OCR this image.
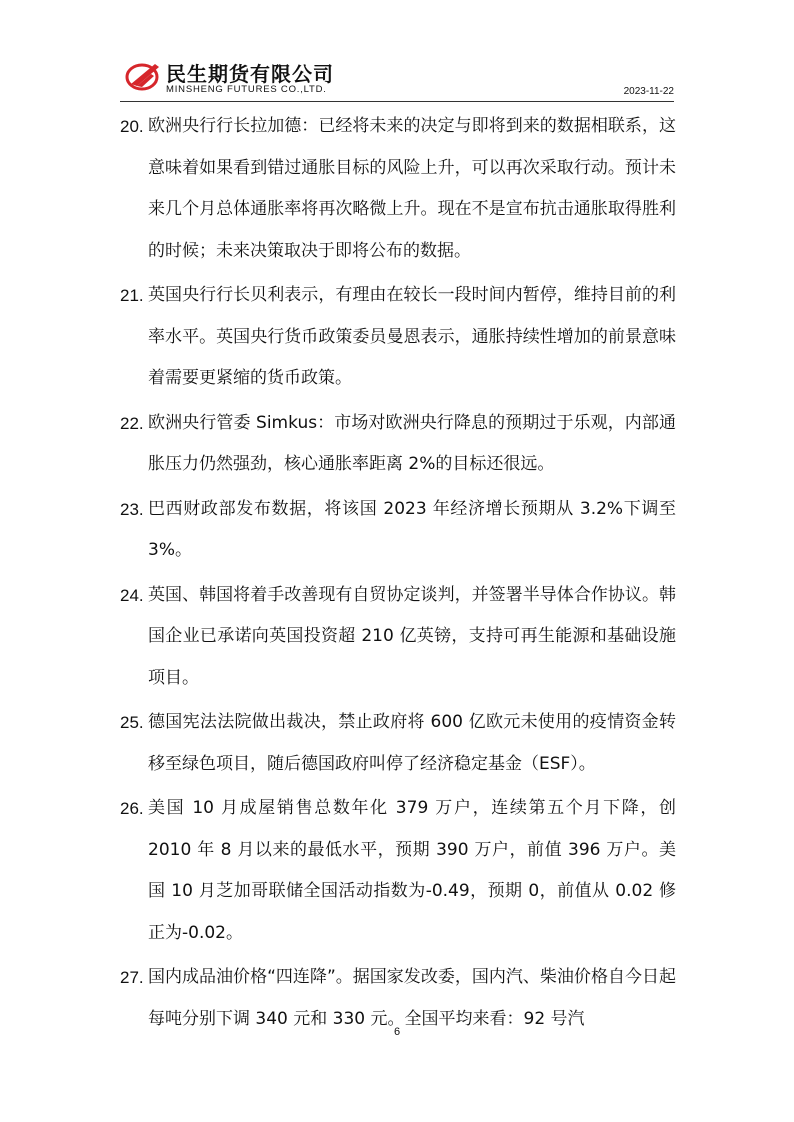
民生期货有限公司
MINSHENG FUTURES CO.,LTD.	2023-11-22
20. 欧洲央行行长拉加德：已经将未来的决定与即将到来的数据相联系，这意味着如果看到错过通胀目标的风险上升，可以再次采取行动。预计未来几个月总体通胀率将再次略微上升。现在不是宣布抗击通胀取得胜利的时候；未来决策取决于即将公布的数据。
21. 英国央行行长贝利表示，有理由在较长一段时间内暂停，维持目前的利率水平。英国央行货币政策委员曼恩表示，通胀持续性增加的前景意味着需要更紧缩的货币政策。
22. 欧洲央行管委 Simkus：市场对欧洲央行降息的预期过于乐观，内部通胀压力仍然强劲，核心通胀率距离 2%的目标还很远。
23. 巴西财政部发布数据，将该国 2023 年经济增长预期从 3.2%下调至 3%。
24. 英国、韩国将着手改善现有自贸协定谈判，并签署半导体合作协议。韩国企业已承诺向英国投资超 210 亿英镑，支持可再生能源和基础设施项目。
25. 德国宪法法院做出裁决，禁止政府将 600 亿欧元未使用的疫情资金转移至绿色项目，随后德国政府叫停了经济稳定基金（ESF）。
26. 美国 10 月成屋销售总数年化 379 万户，连续第五个月下降，创 2010 年 8 月以来的最低水平，预期 390 万户，前值 396 万户。美国 10 月芝加哥联储全国活动指数为-0.49，预期 0，前值从 0.02 修正为-0.02。
27. 国内成品油价格“四连降”。据国家发改委，国内汽、柴油价格自今日起每吨分别下调 340 元和 330 元。全国平均来看：92 号汽
6
